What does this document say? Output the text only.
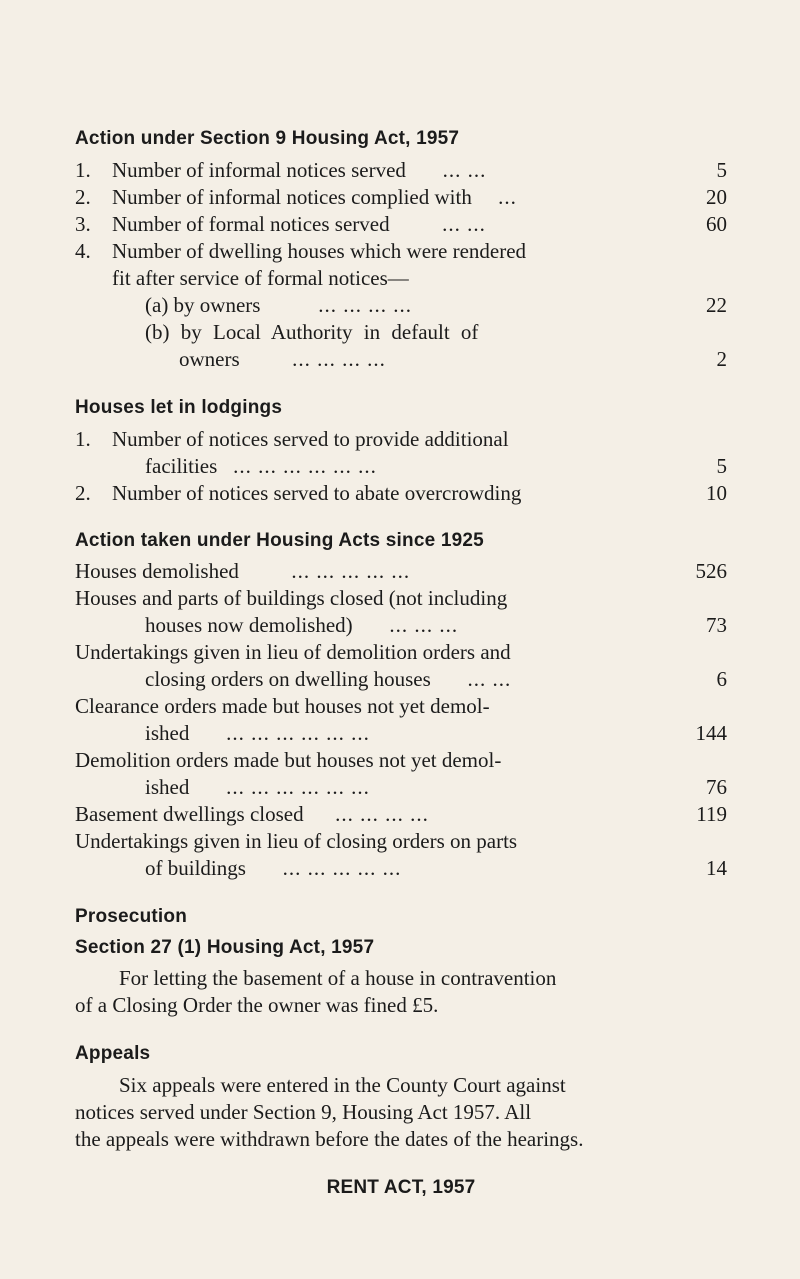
Action under Section 9 Housing Act, 1957
1. Number of informal notices served ... ...	5
2. Number of informal notices complied with ...	20
3. Number of formal notices served	... ...	60
4. Number of dwelling houses which were rendered
fit after service of formal notices—
(a) by owners	... ... ... ...	22
(b) by Local Authority in default of
owners	... ... ... ...	2
Houses let in lodgings
1. Number of notices served to provide additional
facilities ... ... ... ... ... ...	5
2. Number of notices served to abate overcrowding	10
Action taken under Housing Acts since 1925
Houses demolished	... ... ... ... ...	526
Houses and parts of buildings closed (not including
houses now demolished) ... ... ...	73
Undertakings given in lieu of demolition orders and
closing orders on dwelling houses ... ...	6
Clearance orders made but houses not yet demol-
ished ... ... ... ... ... ...	144
Demolition orders made but houses not yet demol-
ished ... ... ... ... ... ...	76
Basement dwellings closed ... ... ... ...	119
Undertakings given in lieu of closing orders on parts
of buildings ... ... ... ... ...	14
Prosecution
Section 27 (1) Housing Act, 1957
For letting the basement of a house in contravention
of a Closing Order the owner was fined £5.
Appeals
Six appeals were entered in the County Court against
notices served under Section 9, Housing Act 1957. All
the appeals were withdrawn before the dates of the hearings.
RENT ACT, 1957
